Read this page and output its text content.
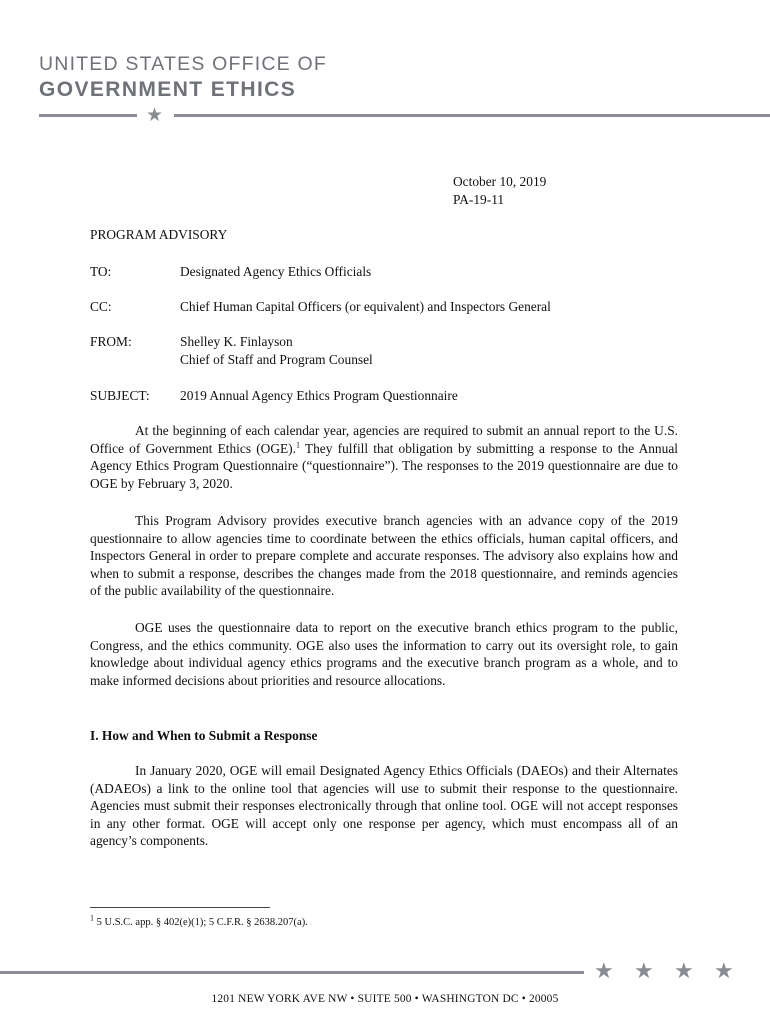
UNITED STATES OFFICE OF
GOVERNMENT ETHICS
★
October 10, 2019
PA-19-11
PROGRAM ADVISORY
TO:	Designated Agency Ethics Officials
CC:	Chief Human Capital Officers (or equivalent) and Inspectors General
FROM:	Shelley K. Finlayson
Chief of Staff and Program Counsel
SUBJECT: 2019 Annual Agency Ethics Program Questionnaire

At the beginning of each calendar year, agencies are required to submit an annual report to the U.S. Office of Government Ethics (OGE).$^1$ They fulfill that obligation by submitting a response to the Annual Agency Ethics Program Questionnaire (“questionnaire”). The responses to the 2019 questionnaire are due to OGE by February 3, 2020.

This Program Advisory provides executive branch agencies with an advance copy of the 2019 questionnaire to allow agencies time to coordinate between the ethics officials, human capital officers, and Inspectors General in order to prepare complete and accurate responses. The advisory also explains how and when to submit a response, describes the changes made from the 2018 questionnaire, and reminds agencies of the public availability of the questionnaire.

OGE uses the questionnaire data to report on the executive branch ethics program to the public, Congress, and the ethics community. OGE also uses the information to carry out its oversight role, to gain knowledge about individual agency ethics programs and the executive branch program as a whole, and to make informed decisions about priorities and resource allocations.

I. How and When to Submit a Response

In January 2020, OGE will email Designated Agency Ethics Officials (DAEOs) and their Alternates (ADAEOs) a link to the online tool that agencies will use to submit their response to the questionnaire. Agencies must submit their responses electronically through that online tool. OGE will not accept responses in any other format. OGE will accept only one response per agency, which must encompass all of an agency’s components.

$^1$ 5 U.S.C. app. § 402(e)(1); 5 C.F.R. § 2638.207(a).
★ ★ ★ ★
1201 NEW YORK AVE NW • SUITE 500 • WASHINGTON DC • 20005
